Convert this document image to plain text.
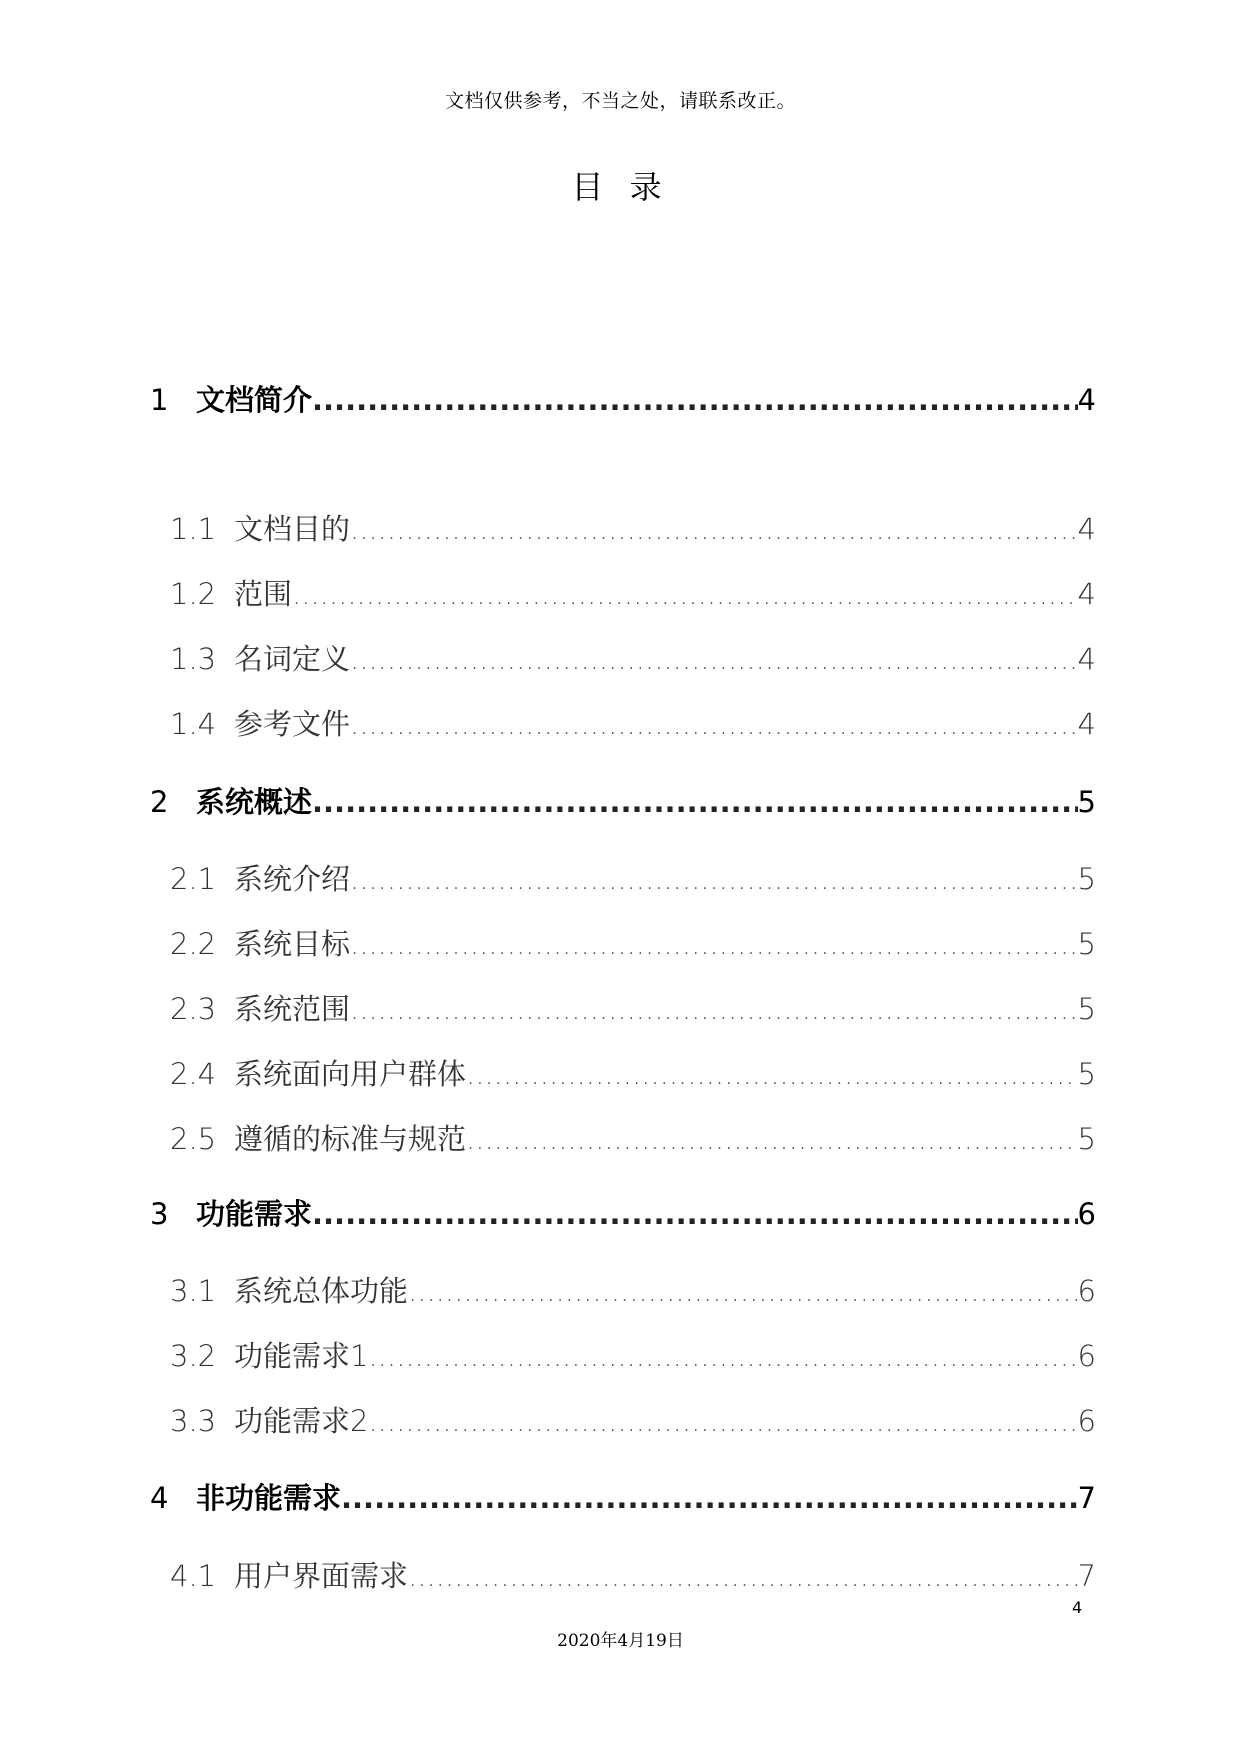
文档仅供参考，不当之处，请联系改正。
目 录
1 文档简介 .....	4
1.1 文档目的 .....	4
1.2 范围 .....	4
1.3 名词定义 .....	4
1.4 参考文件 .....	4
2 系统概述 .....	5
2.1 系统介绍 .....	5
2.2 系统目标 .....	5
2.3 系统范围 .....	5
2.4 系统面向用户群体 .....	5
2.5 遵循的标准与规范 .....	5
3 功能需求 .....	6
3.1 系统总体功能 .....	6
3.2 功能需求1 .....	6
3.3 功能需求2 .....	6
4 非功能需求 .....	7
4.1 用户界面需求 .....	7
4
2020年4月19日
